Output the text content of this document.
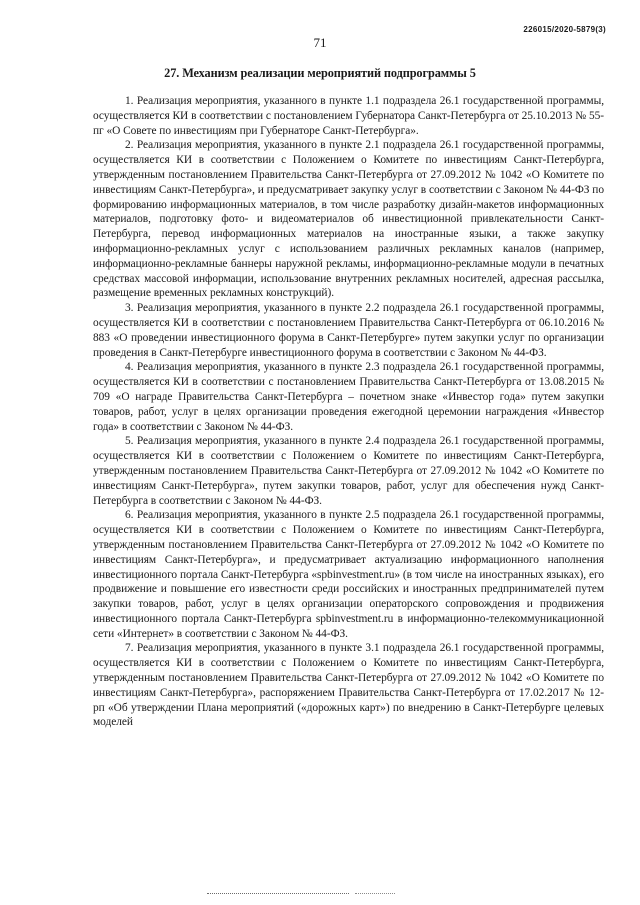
226015/2020-5879(3)
71
27. Механизм реализации мероприятий подпрограммы 5

1. Реализация мероприятия, указанного в пункте 1.1 подраздела 26.1 государственной программы, осуществляется КИ в соответствии с постановлением Губернатора Санкт-Петербурга от 25.10.2013 № 55-пг «О Совете по инвестициям при Губернаторе Санкт-Петербурга».

2. Реализация мероприятия, указанного в пункте 2.1 подраздела 26.1 государственной программы, осуществляется КИ в соответствии с Положением о Комитете по инвестициям Санкт-Петербурга, утвержденным постановлением Правительства Санкт-Петербурга от 27.09.2012 № 1042 «О Комитете по инвестициям Санкт-Петербурга», и предусматривает закупку услуг в соответствии с Законом № 44-ФЗ по формированию информационных материалов, в том числе разработку дизайн-макетов информационных материалов, подготовку фото- и видеоматериалов об инвестиционной привлекательности Санкт-Петербурга, перевод информационных материалов на иностранные языки, а также закупку информационно-рекламных услуг с использованием различных рекламных каналов (например, информационно-рекламные баннеры наружной рекламы, информационно-рекламные модули в печатных средствах массовой информации, использование внутренних рекламных носителей, адресная рассылка, размещение временных рекламных конструкций).

3. Реализация мероприятия, указанного в пункте 2.2 подраздела 26.1 государственной программы, осуществляется КИ в соответствии с постановлением Правительства Санкт-Петербурга от 06.10.2016 № 883 «О проведении инвестиционного форума в Санкт-Петербурге» путем закупки услуг по организации проведения в Санкт-Петербурге инвестиционного форума в соответствии с Законом № 44-ФЗ.

4. Реализация мероприятия, указанного в пункте 2.3 подраздела 26.1 государственной программы, осуществляется КИ в соответствии с постановлением Правительства Санкт-Петербурга от 13.08.2015 № 709 «О награде Правительства Санкт-Петербурга – почетном знаке «Инвестор года» путем закупки товаров, работ, услуг в целях организации проведения ежегодной церемонии награждения «Инвестор года» в соответствии с Законом № 44-ФЗ.

5. Реализация мероприятия, указанного в пункте 2.4 подраздела 26.1 государственной программы, осуществляется КИ в соответствии с Положением о Комитете по инвестициям Санкт-Петербурга, утвержденным постановлением Правительства Санкт-Петербурга от 27.09.2012 № 1042 «О Комитете по инвестициям Санкт-Петербурга», путем закупки товаров, работ, услуг для обеспечения нужд Санкт-Петербурга в соответствии с Законом № 44-ФЗ.

6. Реализация мероприятия, указанного в пункте 2.5 подраздела 26.1 государственной программы, осуществляется КИ в соответствии с Положением о Комитете по инвестициям Санкт-Петербурга, утвержденным постановлением Правительства Санкт-Петербурга от 27.09.2012 № 1042 «О Комитете по инвестициям Санкт-Петербурга», и предусматривает актуализацию информационного наполнения инвестиционного портала Санкт-Петербурга «spbinvestment.ru» (в том числе на иностранных языках), его продвижение и повышение его известности среди российских и иностранных предпринимателей путем закупки товаров, работ, услуг в целях организации операторского сопровождения и продвижения инвестиционного портала Санкт-Петербурга spbinvestment.ru в информационно-телекоммуникационной сети «Интернет» в соответствии с Законом № 44-ФЗ.

7. Реализация мероприятия, указанного в пункте 3.1 подраздела 26.1 государственной программы, осуществляется КИ в соответствии с Положением о Комитете по инвестициям Санкт-Петербурга, утвержденным постановлением Правительства Санкт-Петербурга от 27.09.2012 № 1042 «О Комитете по инвестициям Санкт-Петербурга», распоряжением Правительства Санкт-Петербурга от 17.02.2017 № 12-рп «Об утверждении Плана мероприятий («дорожных карт») по внедрению в Санкт-Петербурге целевых моделей
